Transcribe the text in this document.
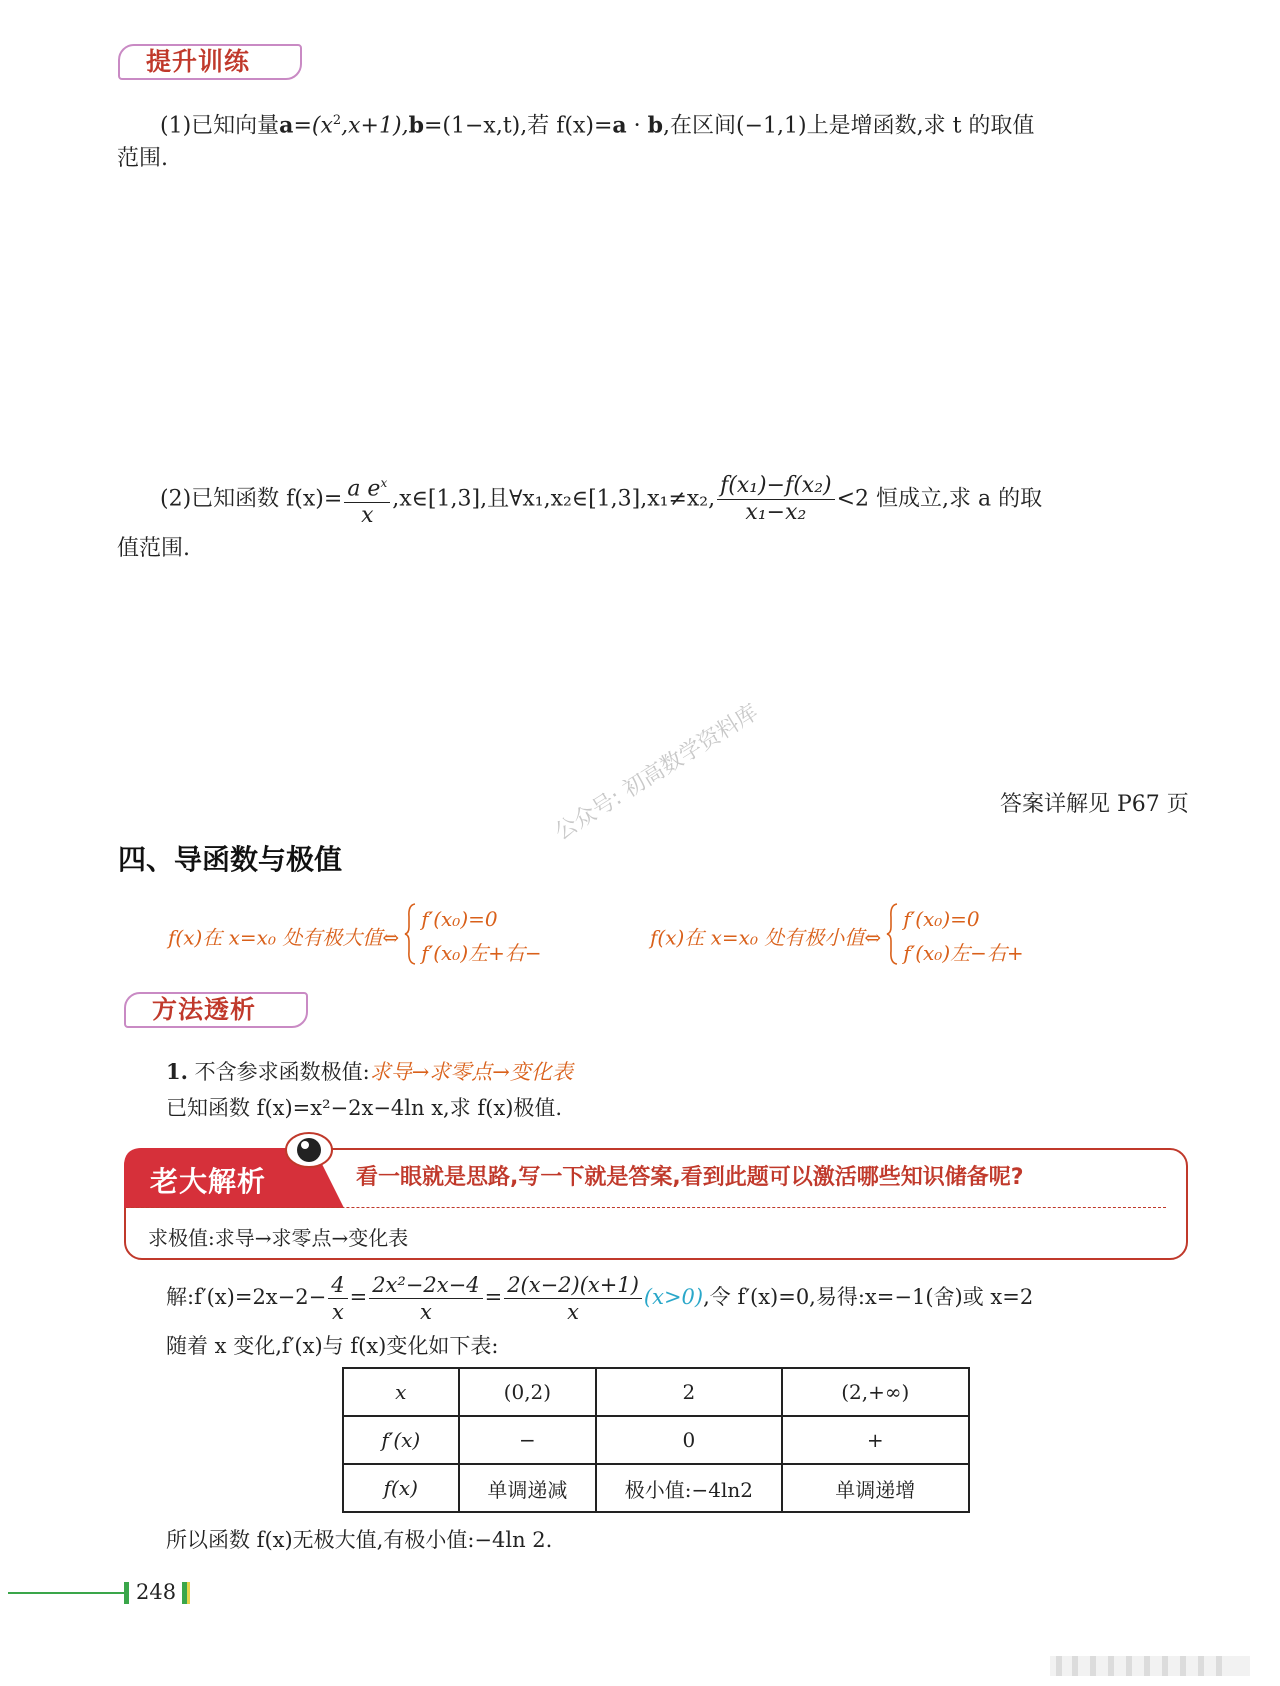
提升训练
(1)已知向量$a=(x^2,x+1),b=(1-x,t)$,若 f(x)=a · b,在区间(−1,1)上是增函数,求 t 的取值
范围.
(2)已知函数 $f(x)= \frac{a e^x}{x}$ ,x∈[1,3],且∀x₁,x₂∈[1,3],x₁≠x₂, $\frac{\text{f(x₁)−f(x₂)}}{\text{x₁−x₂}} <2$ 恒成立,求 a 的取
值范围.
答案详解见 P67 页
公众号: 初高数学资料库
四、导函数与极值
f(x)在 x=x₀ 处有极大值⇔
f′(x₀)=0
f′(x₀)左+右−
f(x)在 x=x₀ 处有极小值⇔
f′(x₀)=0
f′(x₀)左−右+
方法透析
1. 不含参求函数极值:求导→求零点→变化表
已知函数 f(x)=x²−2x−4ln x,求 f(x)极值.
老大解析	看一眼就是思路,写一下就是答案,看到此题可以激活哪些知识储备呢?
求极值:求导→求零点→变化表
解:f′(x)=2x−2− $\frac{4}{x} = \frac{\text{2x²−2x−4}}{x} = \frac{2(x-2)(x+1)}{x} (x>0)$,令 f′(x)=0,易得:x=−1(舍)或 x=2
随着 x 变化,f′(x)与 f(x)变化如下表:
x	(0,2)	2	(2,+∞)
f′(x)	−	0	+
f(x)	单调递减	极小值:−4ln2	单调递增
所以函数 f(x)无极大值,有极小值:−4ln 2.
248
